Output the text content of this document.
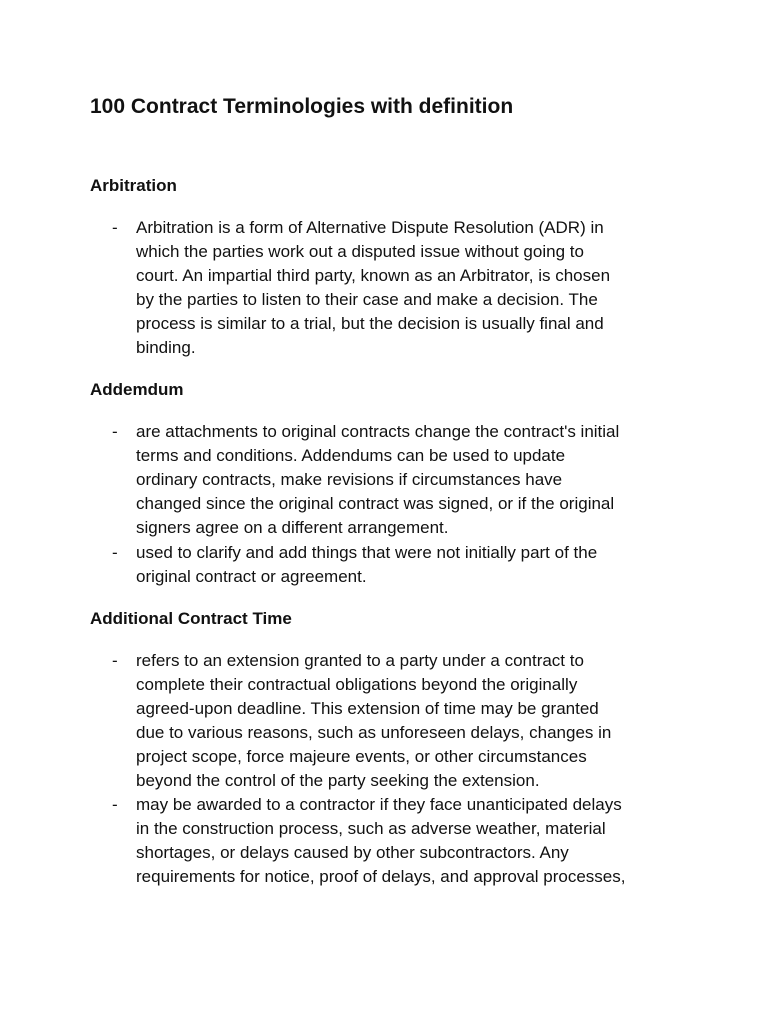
100 Contract Terminologies with definition
Arbitration
- Arbitration is a form of Alternative Dispute Resolution (ADR) in
which the parties work out a disputed issue without going to
court. An impartial third party, known as an Arbitrator, is chosen
by the parties to listen to their case and make a decision. The
process is similar to a trial, but the decision is usually final and
binding.
Addemdum
- are attachments to original contracts change the contract's initial
terms and conditions. Addendums can be used to update
ordinary contracts, make revisions if circumstances have
changed since the original contract was signed, or if the original
signers agree on a different arrangement.
- used to clarify and add things that were not initially part of the
original contract or agreement.
Additional Contract Time
- refers to an extension granted to a party under a contract to
complete their contractual obligations beyond the originally
agreed-upon deadline. This extension of time may be granted
due to various reasons, such as unforeseen delays, changes in
project scope, force majeure events, or other circumstances
beyond the control of the party seeking the extension.
- may be awarded to a contractor if they face unanticipated delays
in the construction process, such as adverse weather, material
shortages, or delays caused by other subcontractors. Any
requirements for notice, proof of delays, and approval processes,
